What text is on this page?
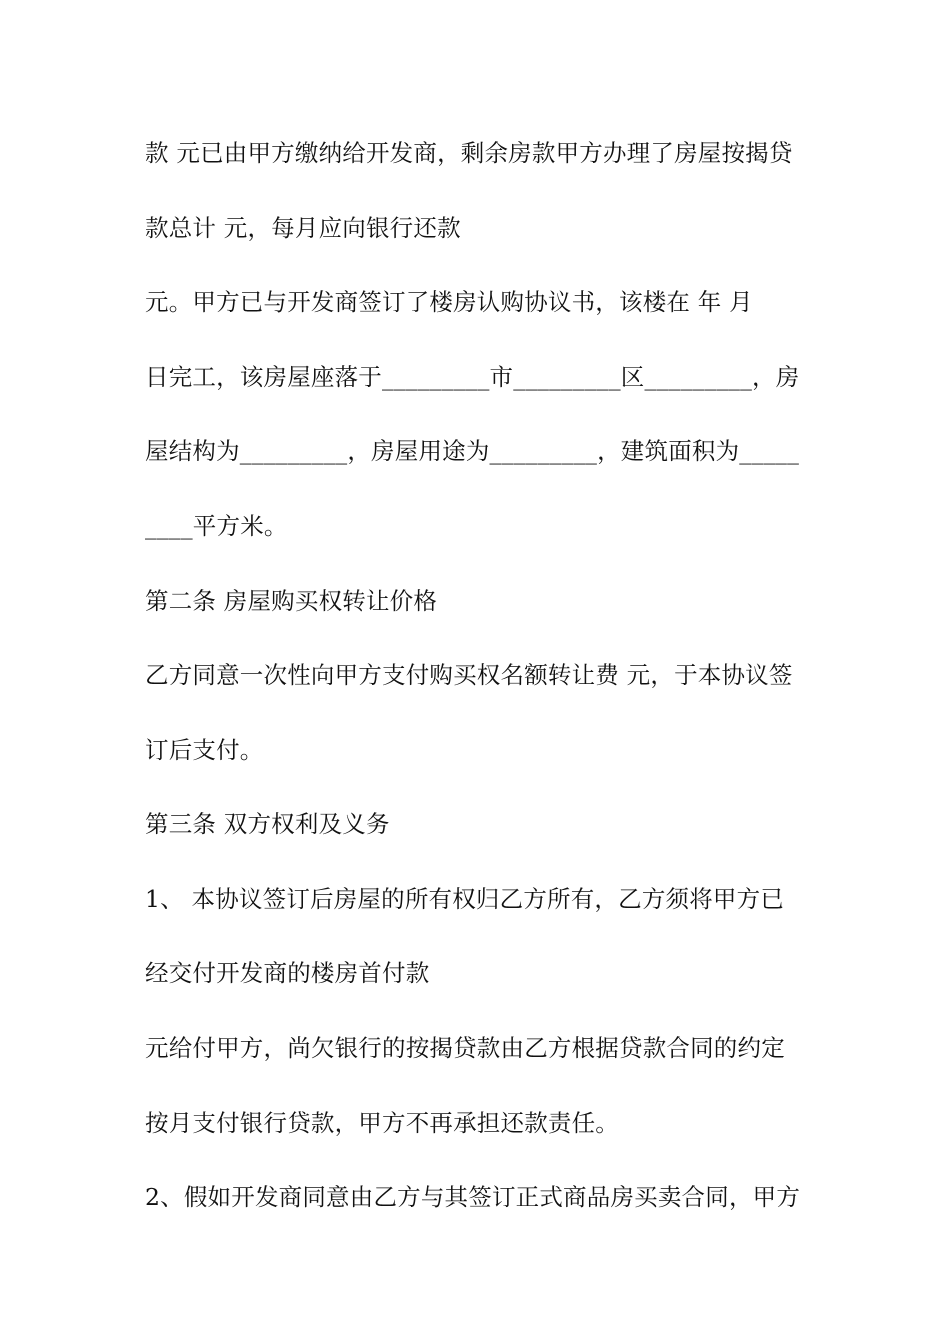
款 元已由甲方缴纳给开发商，剩余房款甲方办理了房屋按揭贷
款总计 元，每月应向银行还款
元。甲方已与开发商签订了楼房认购协议书，该楼在 年 月
日完工，该房屋座落于_________市_________区_________，房
屋结构为_________，房屋用途为_________，建筑面积为_____
____平方米。
第二条 房屋购买权转让价格
乙方同意一次性向甲方支付购买权名额转让费 元，于本协议签
订后支付。
第三条 双方权利及义务
1、 本协议签订后房屋的所有权归乙方所有，乙方须将甲方已
经交付开发商的楼房首付款
元给付甲方，尚欠银行的按揭贷款由乙方根据贷款合同的约定
按月支付银行贷款，甲方不再承担还款责任。
2、假如开发商同意由乙方与其签订正式商品房买卖合同，甲方
